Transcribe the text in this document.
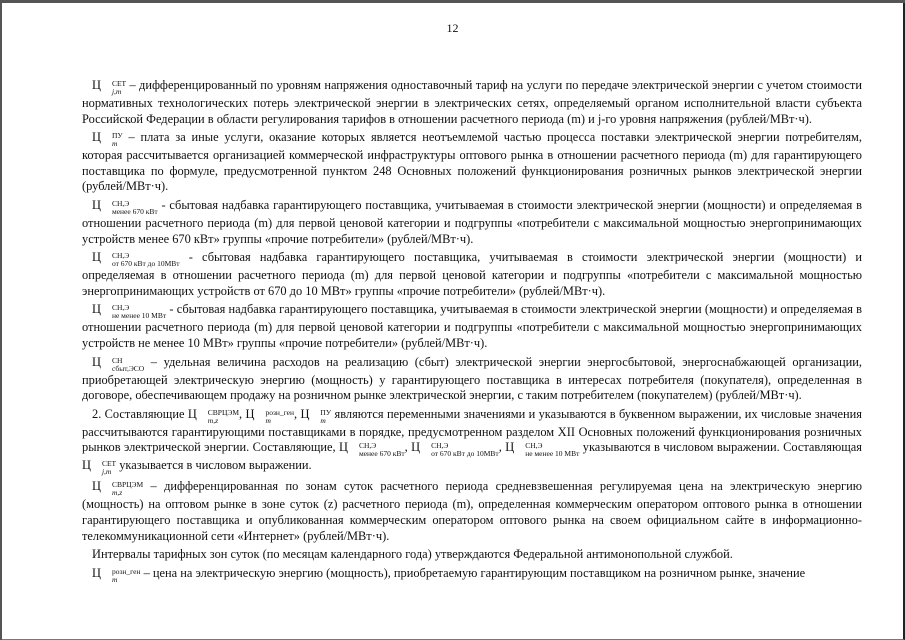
12

Ц	СЕТ
j,m – дифференцированный по уровням напряжения одноставочный тариф на услуги по передаче электрической энергии с учетом стоимости нормативных технологических потерь электрической энергии в электрических сетях, определяемый органом исполнительной власти субъекта Российской Федерации в области регулирования тарифов в отношении расчетного периода (m) и j-го уровня напряжения (рублей/МВт·ч).

Ц	ПУ
m – плата за иные услуги, оказание которых является неотъемлемой частью процесса поставки электрической энергии потребителям, которая рассчитывается организацией коммерческой инфраструктуры оптового рынка в отношении расчетного периода (m) для гарантирующего поставщика по формуле, предусмотренной пунктом 248 Основных положений функционирования розничных рынков электрической энергии (рублей/МВт·ч).

Ц	СН,Э
менее 670 кВт - сбытовая надбавка гарантирующего поставщика, учитываемая в стоимости электрической энергии (мощности) и определяемая в отношении расчетного периода (m) для первой ценовой категории и подгруппы «потребители с максимальной мощностью энергопринимающих устройств менее 670 кВт» группы «прочие потребители» (рублей/МВт·ч).

Ц	СН,Э
от 670 кВт до 10МВт - сбытовая надбавка гарантирующего поставщика, учитываемая в стоимости электрической энергии (мощности) и определяемая в отношении расчетного периода (m) для первой ценовой категории и подгруппы «потребители с максимальной мощностью энергопринимающих устройств от 670 до 10 МВт» группы «прочие потребители» (рублей/МВт·ч).

Ц	СН,Э
не менее 10 МВт - сбытовая надбавка гарантирующего поставщика, учитываемая в стоимости электрической энергии (мощности) и определяемая в отношении расчетного периода (m) для первой ценовой категории и подгруппы «потребители с максимальной мощностью энергопринимающих устройств не менее 10 МВт» группы «прочие потребители» (рублей/МВт·ч).

Ц	СН
сбыт,ЭСО – удельная величина расходов на реализацию (сбыт) электрической энергии энергосбытовой, энергоснабжающей организации, приобретающей электрическую энергию (мощность) у гарантирующего поставщика в интересах потребителя (покупателя), определенная в договоре, обеспечивающем продажу на розничном рынке электрической энергии, с таким потребителем (покупателем) (рублей/МВт·ч).

2. Составляющие Ц	СВРЦЭМ
m,z	, Ц	розн_ген
m	, Ц	ПУ
m являются переменными значениями и указываются в буквенном выражении, их числовые значения рассчитываются гарантирующими поставщиками в порядке, предусмотренном разделом XII Основных положений функционирования розничных рынков электрической энергии. Составляющие, Ц	СН,Э
менее 670 кВт , Ц	СН,Э
от 670 кВт до 10МВт , Ц	СН,Э
не менее 10 МВт указываются в числовом выражении. Составляющая Ц	СЕТ
j,m указывается в числовом выражении.

Ц	СВРЦЭМ
m,z	– дифференцированная по зонам суток расчетного периода средневзвешенная регулируемая цена на электрическую энергию (мощность) на оптовом рынке в зоне суток (z) расчетного периода (m), определенная коммерческим оператором оптового рынка в отношении гарантирующего поставщика и опубликованная коммерческим оператором оптового рынка на своем официальном сайте в информационно-телекоммуникационной сети «Интернет» (рублей/МВт·ч).

Интервалы тарифных зон суток (по месяцам календарного года) утверждаются Федеральной антимонопольной службой.

Ц	розн_ген
m	– цена на электрическую энергию (мощность), приобретаемую гарантирующим поставщиком на розничном рынке, значение
